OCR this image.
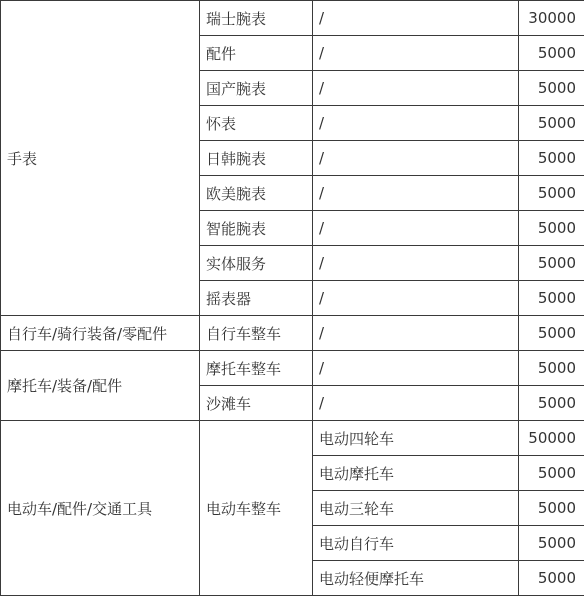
手表	瑞士腕表	/	30000
	配件	/	5000
	国产腕表	/	5000
	怀表	/	5000
	日韩腕表	/	5000
	欧美腕表	/	5000
	智能腕表	/	5000
	实体服务	/	5000
	摇表器	/	5000
自行车/骑行装备/零配件	自行车整车	/	5000
摩托车/装备/配件	摩托车整车	/	5000
	沙滩车	/	5000
电动车/配件/交通工具	电动车整车	电动四轮车	50000
		电动摩托车	5000
		电动三轮车	5000
		电动自行车	5000
		电动轻便摩托车	5000
